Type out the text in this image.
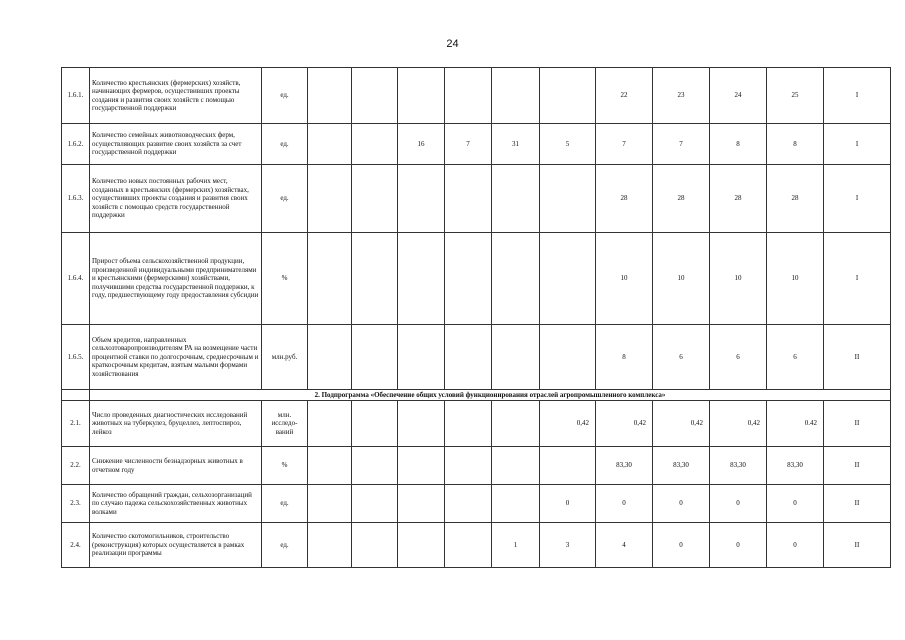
24
1.6.1.	Количество крестьянских (фермерских) хозяйств, начинающих фермеров, осуществивших проекты создания и развития своих хозяйств с помощью государственной поддержки	ед.							22	23	24	25	I
1.6.2.	Количество семейных животноводческих ферм, осуществляющих развитие своих хозяйств за счет государственной поддержки	ед.			16	7	31	5	7	7	8	8	I
1.6.3.	Количество новых постоянных рабочих мест, созданных в крестьянских (фермерских) хозяйствах, осуществивших проекты создания и развития своих хозяйств с помощью средств государственной поддержки	ед.							28	28	28	28	I
1.6.4.	Прирост объема сельскохозяйственной продукции, произведенной индивидуальными предпринимателями и крестьянскими (фермерскими) хозяйствами, получившими средства государственной поддержки, к году, предшествующему году предоставления субсидии	%							10	10	10	10	I
1.6.5.	Объем кредитов, направленных сельхозтоваропроизводителям РА на возмещение части процентной ставки по долгосрочным, среднесрочным и краткосрочным кредитам, взятым малыми формами хозяйствования	млн.руб.							8	6	6	6	II
	2. Подпрограмма «Обеспечение общих условий функционирования отраслей агропромышленного комплекса»												
2.1.	Число проведенных диагностических исследований животных на туберкулез, бруцеллез, лептоспироз, лейкоз	млн. исследо-ваний						0,42	0,42	0,42	0,42	0.42	II
2.2.	Снижение численности безнадзорных животных в отчетном году	%							83,30	83,30	83,30	83,30	II
2.3.	Количество обращений граждан, сельхозорганизаций по случаю падежа сельскохозяйственных животных волками	ед.						0	0	0	0	0	II
2.4.	Количество скотомогильников, строительство (реконструкция) которых осуществляется в рамках реализации программы	ед.					1	3	4	0	0	0	II
